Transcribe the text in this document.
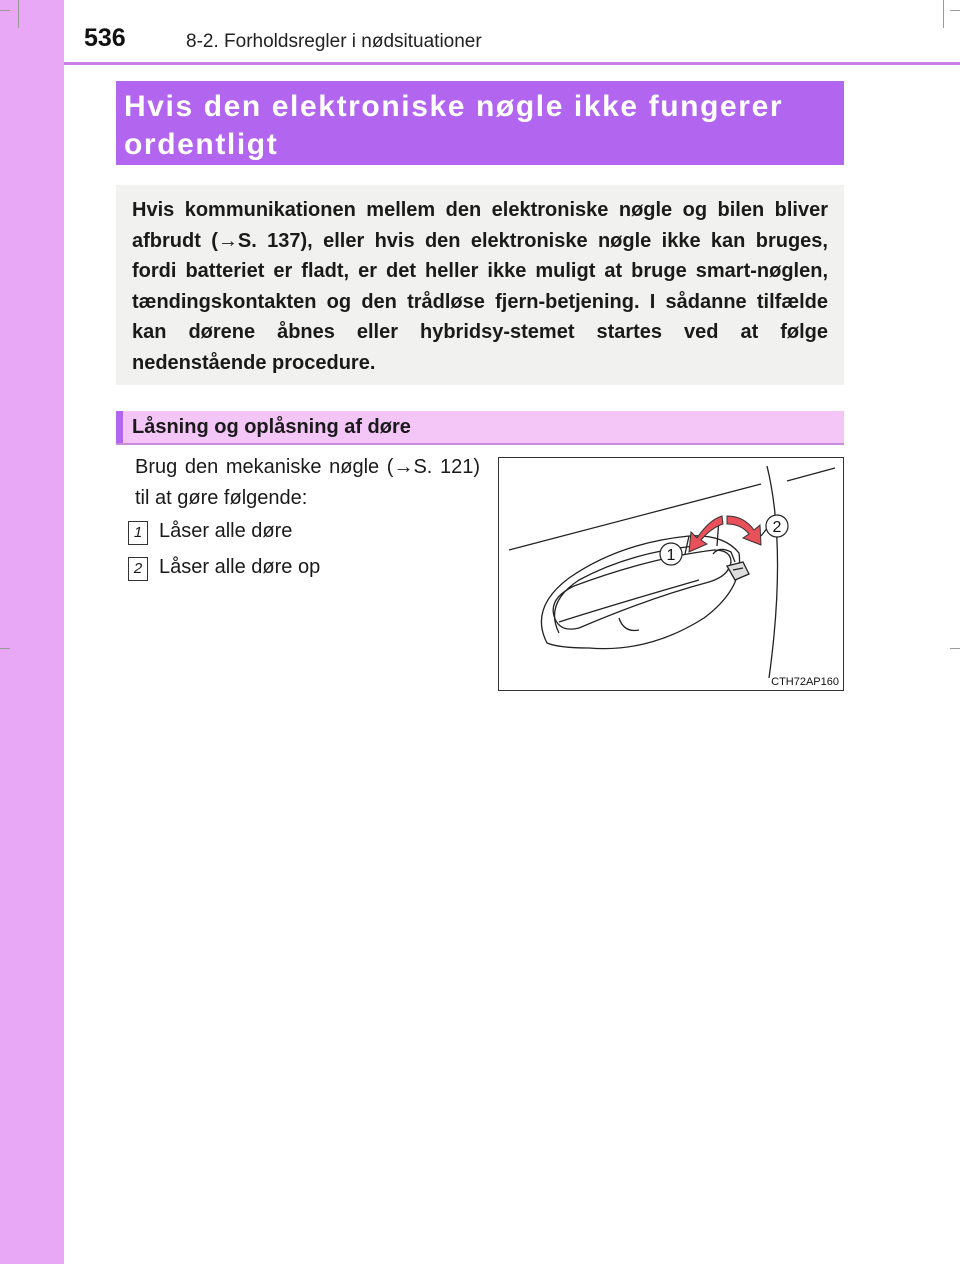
536	8-2. Forholdsregler i nødsituationer

Hvis den elektroniske nøgle ikke fungerer
ordentligt

Hvis kommunikationen mellem den elektroniske nøgle og bilen bliver afbrudt (→S. 137), eller hvis den elektroniske nøgle ikke kan bruges, fordi batteriet er fladt, er det heller ikke muligt at bruge smart-nøglen, tændingskontakten og den trådløse fjern-betjening. I sådanne tilfælde kan dørene åbnes eller hybridsy-stemet startes ved at følge nedenstående procedure.

Låsning og oplåsning af døre

Brug den mekaniske nøgle (→S. 121) til at gøre følgende:

1 Låser alle døre
2 Låser alle døre op
1
2
CTH72AP160
